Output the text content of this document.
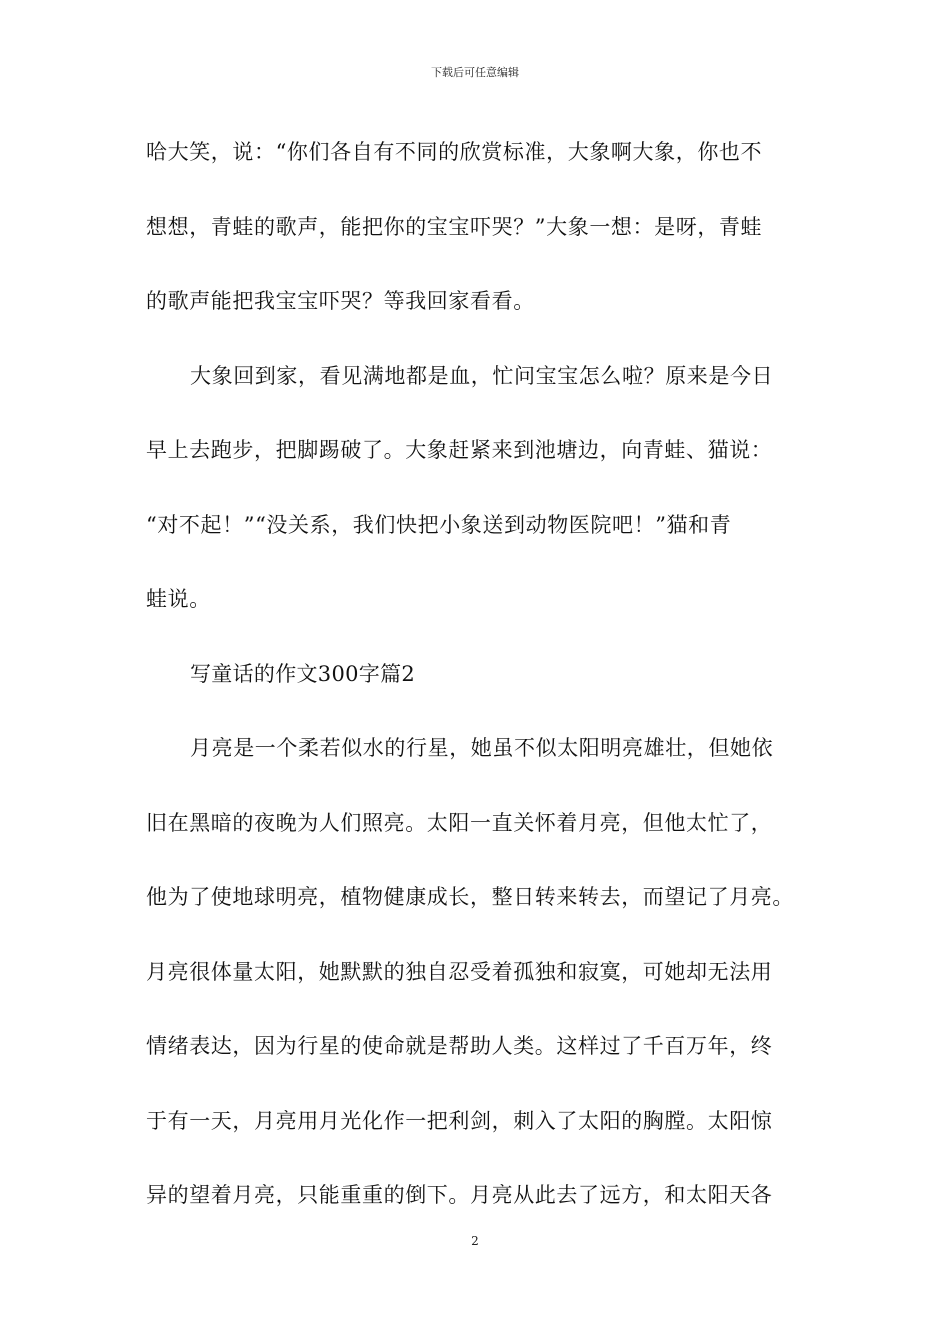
下载后可任意编辑
哈大笑，说：“你们各自有不同的欣赏标准，大象啊大象，你也不
想想，青蛙的歌声，能把你的宝宝吓哭？”大象一想：是呀，青蛙
的歌声能把我宝宝吓哭？等我回家看看。
大象回到家，看见满地都是血，忙问宝宝怎么啦？原来是今日
早上去跑步，把脚踢破了。大象赶紧来到池塘边，向青蛙、猫说：
“对不起！”“没关系，我们快把小象送到动物医院吧！”猫和青
蛙说。
写童话的作文300字篇2
月亮是一个柔若似水的行星，她虽不似太阳明亮雄壮，但她依
旧在黑暗的夜晚为人们照亮。太阳一直关怀着月亮，但他太忙了，
他为了使地球明亮，植物健康成长，整日转来转去，而望记了月亮。
月亮很体量太阳，她默默的独自忍受着孤独和寂寞，可她却无法用
情绪表达，因为行星的使命就是帮助人类。这样过了千百万年，终
于有一天，月亮用月光化作一把利剑，刺入了太阳的胸膛。太阳惊
异的望着月亮，只能重重的倒下。月亮从此去了远方，和太阳天各
2
